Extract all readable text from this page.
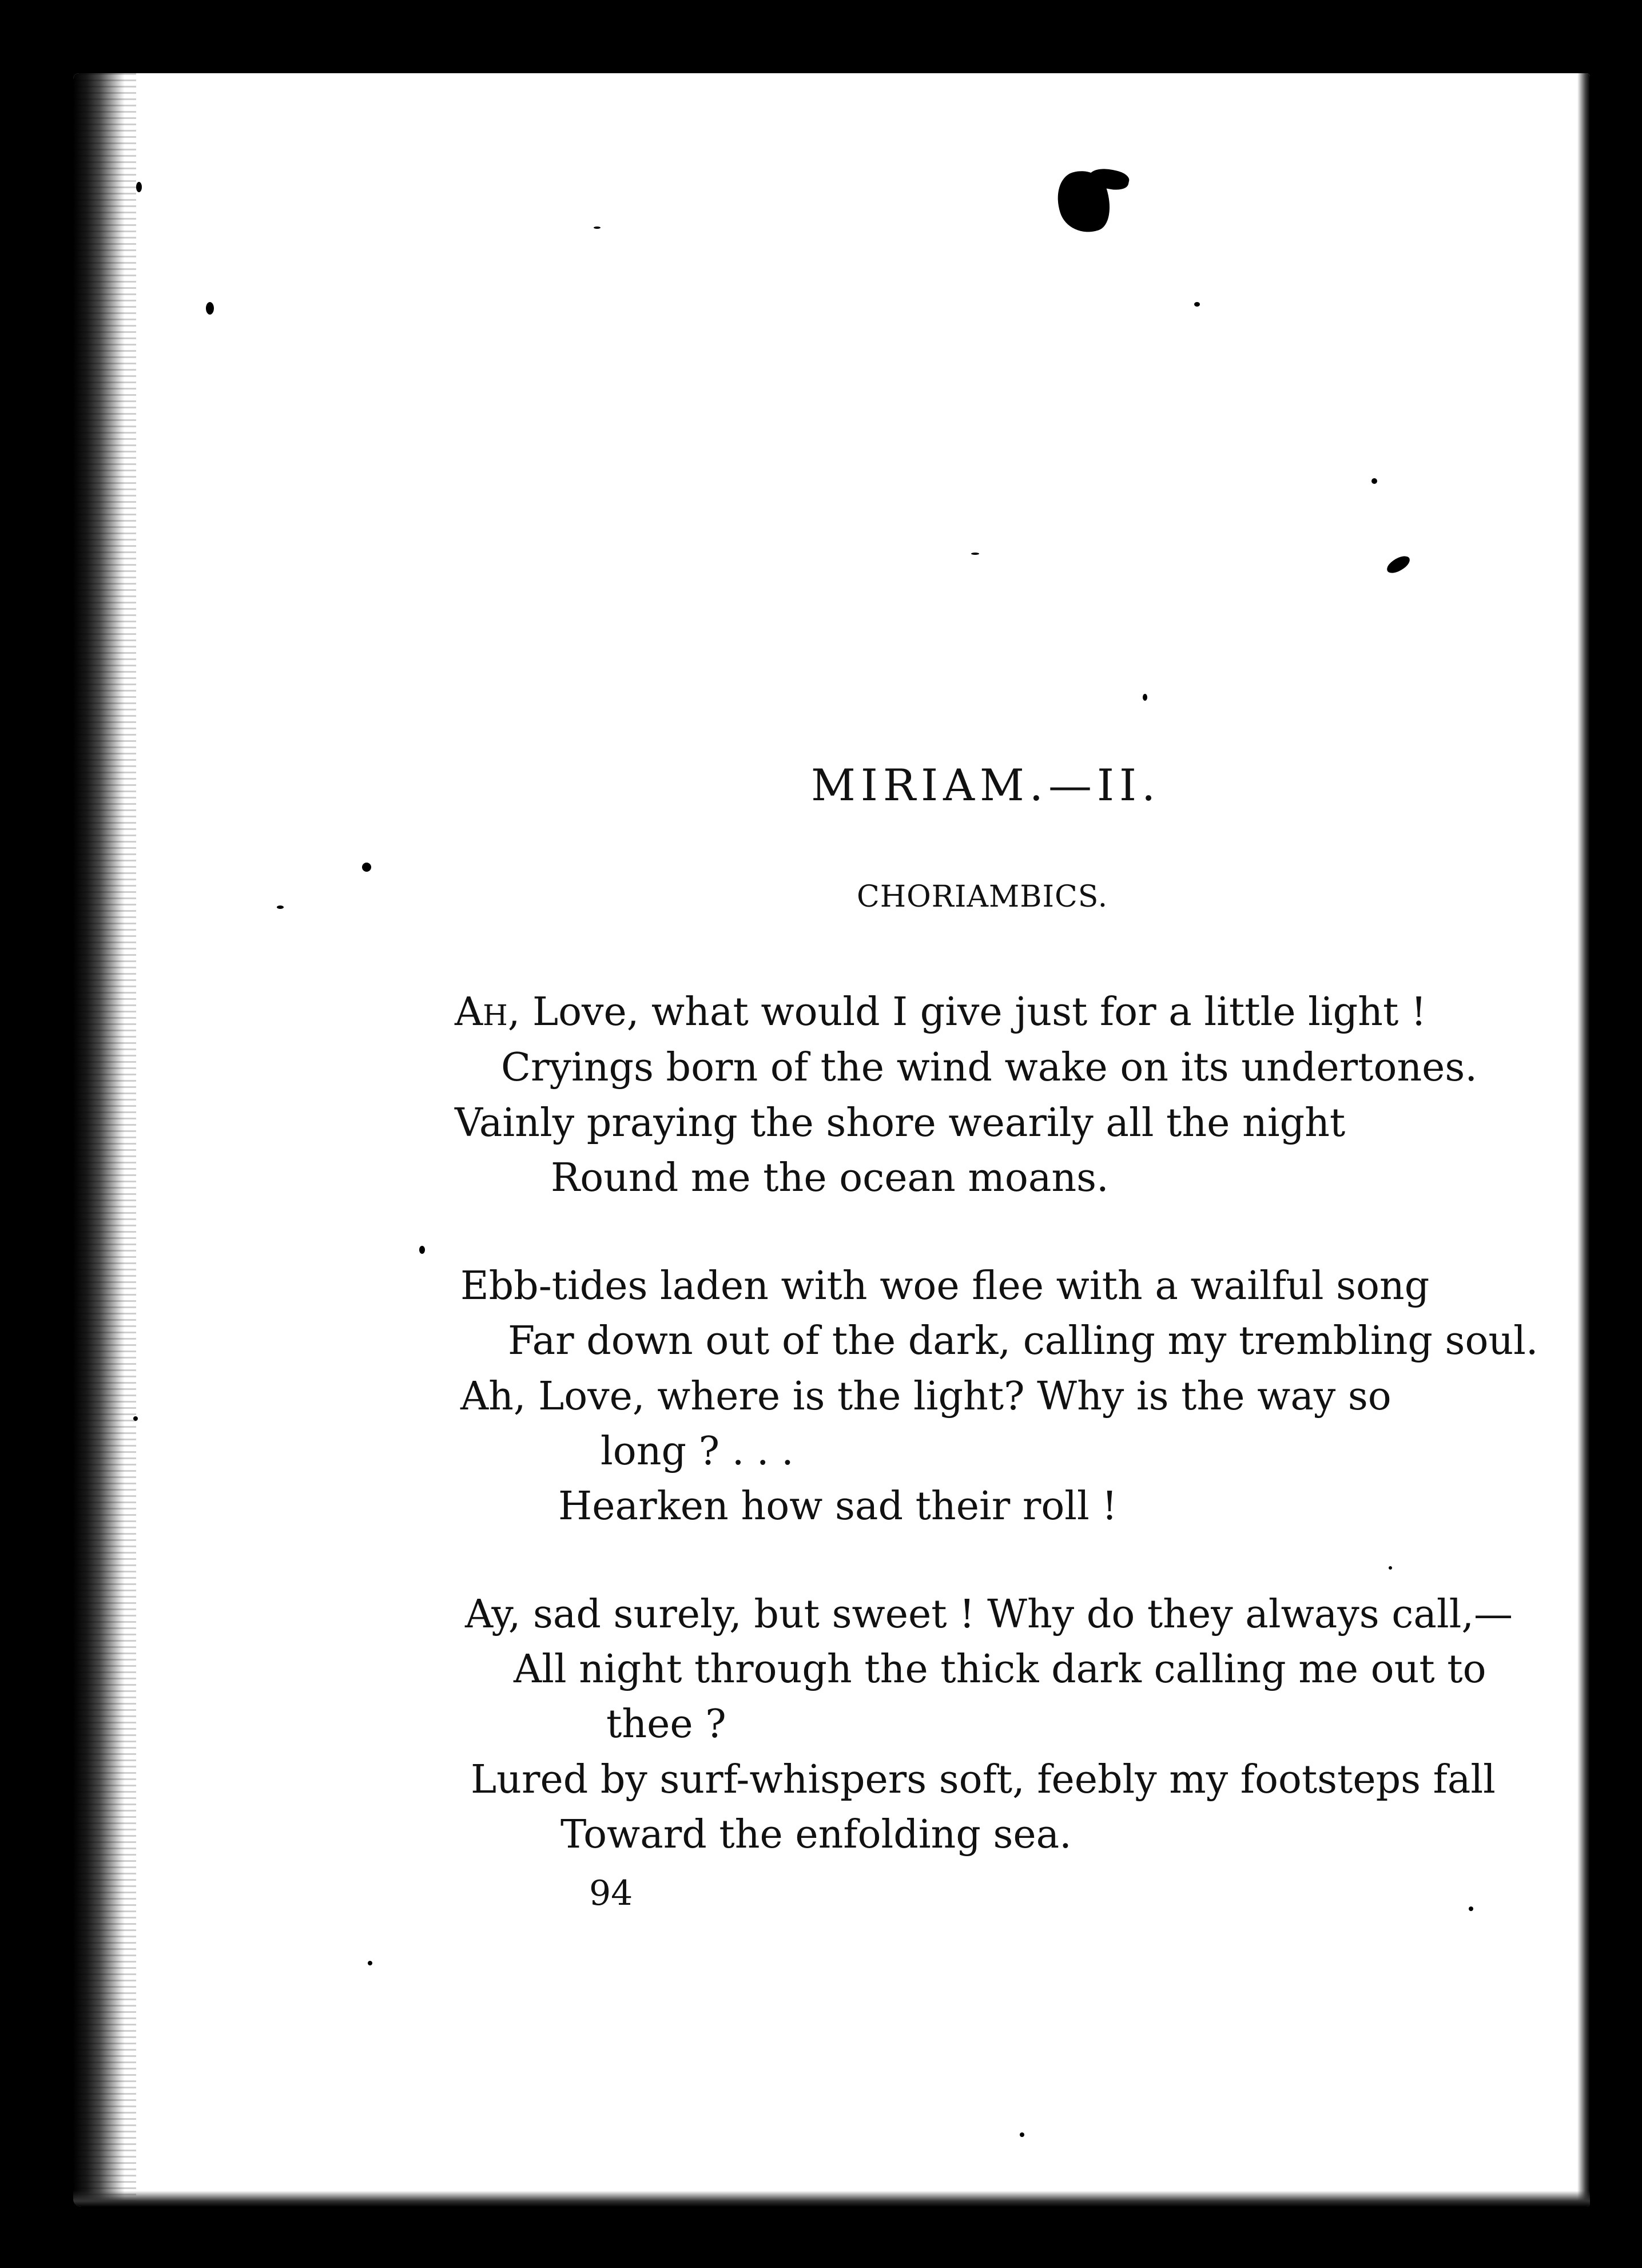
MIRIAM.—II.
CHORIAMBICS.
AH, Love, what would I give just for a little light !
Cryings born of the wind wake on its undertones.
Vainly praying the shore wearily all the night
Round me the ocean moans.
Ebb-tides laden with woe flee with a wailful song
Far down out of the dark, calling my trembling soul.
Ah, Love, where is the light? Why is the way so
long ? . . .
Hearken how sad their roll !
Ay, sad surely, but sweet ! Why do they always call,—
All night through the thick dark calling me out to
thee ?
Lured by surf-whispers soft, feebly my footsteps fall
Toward the enfolding sea.
94
